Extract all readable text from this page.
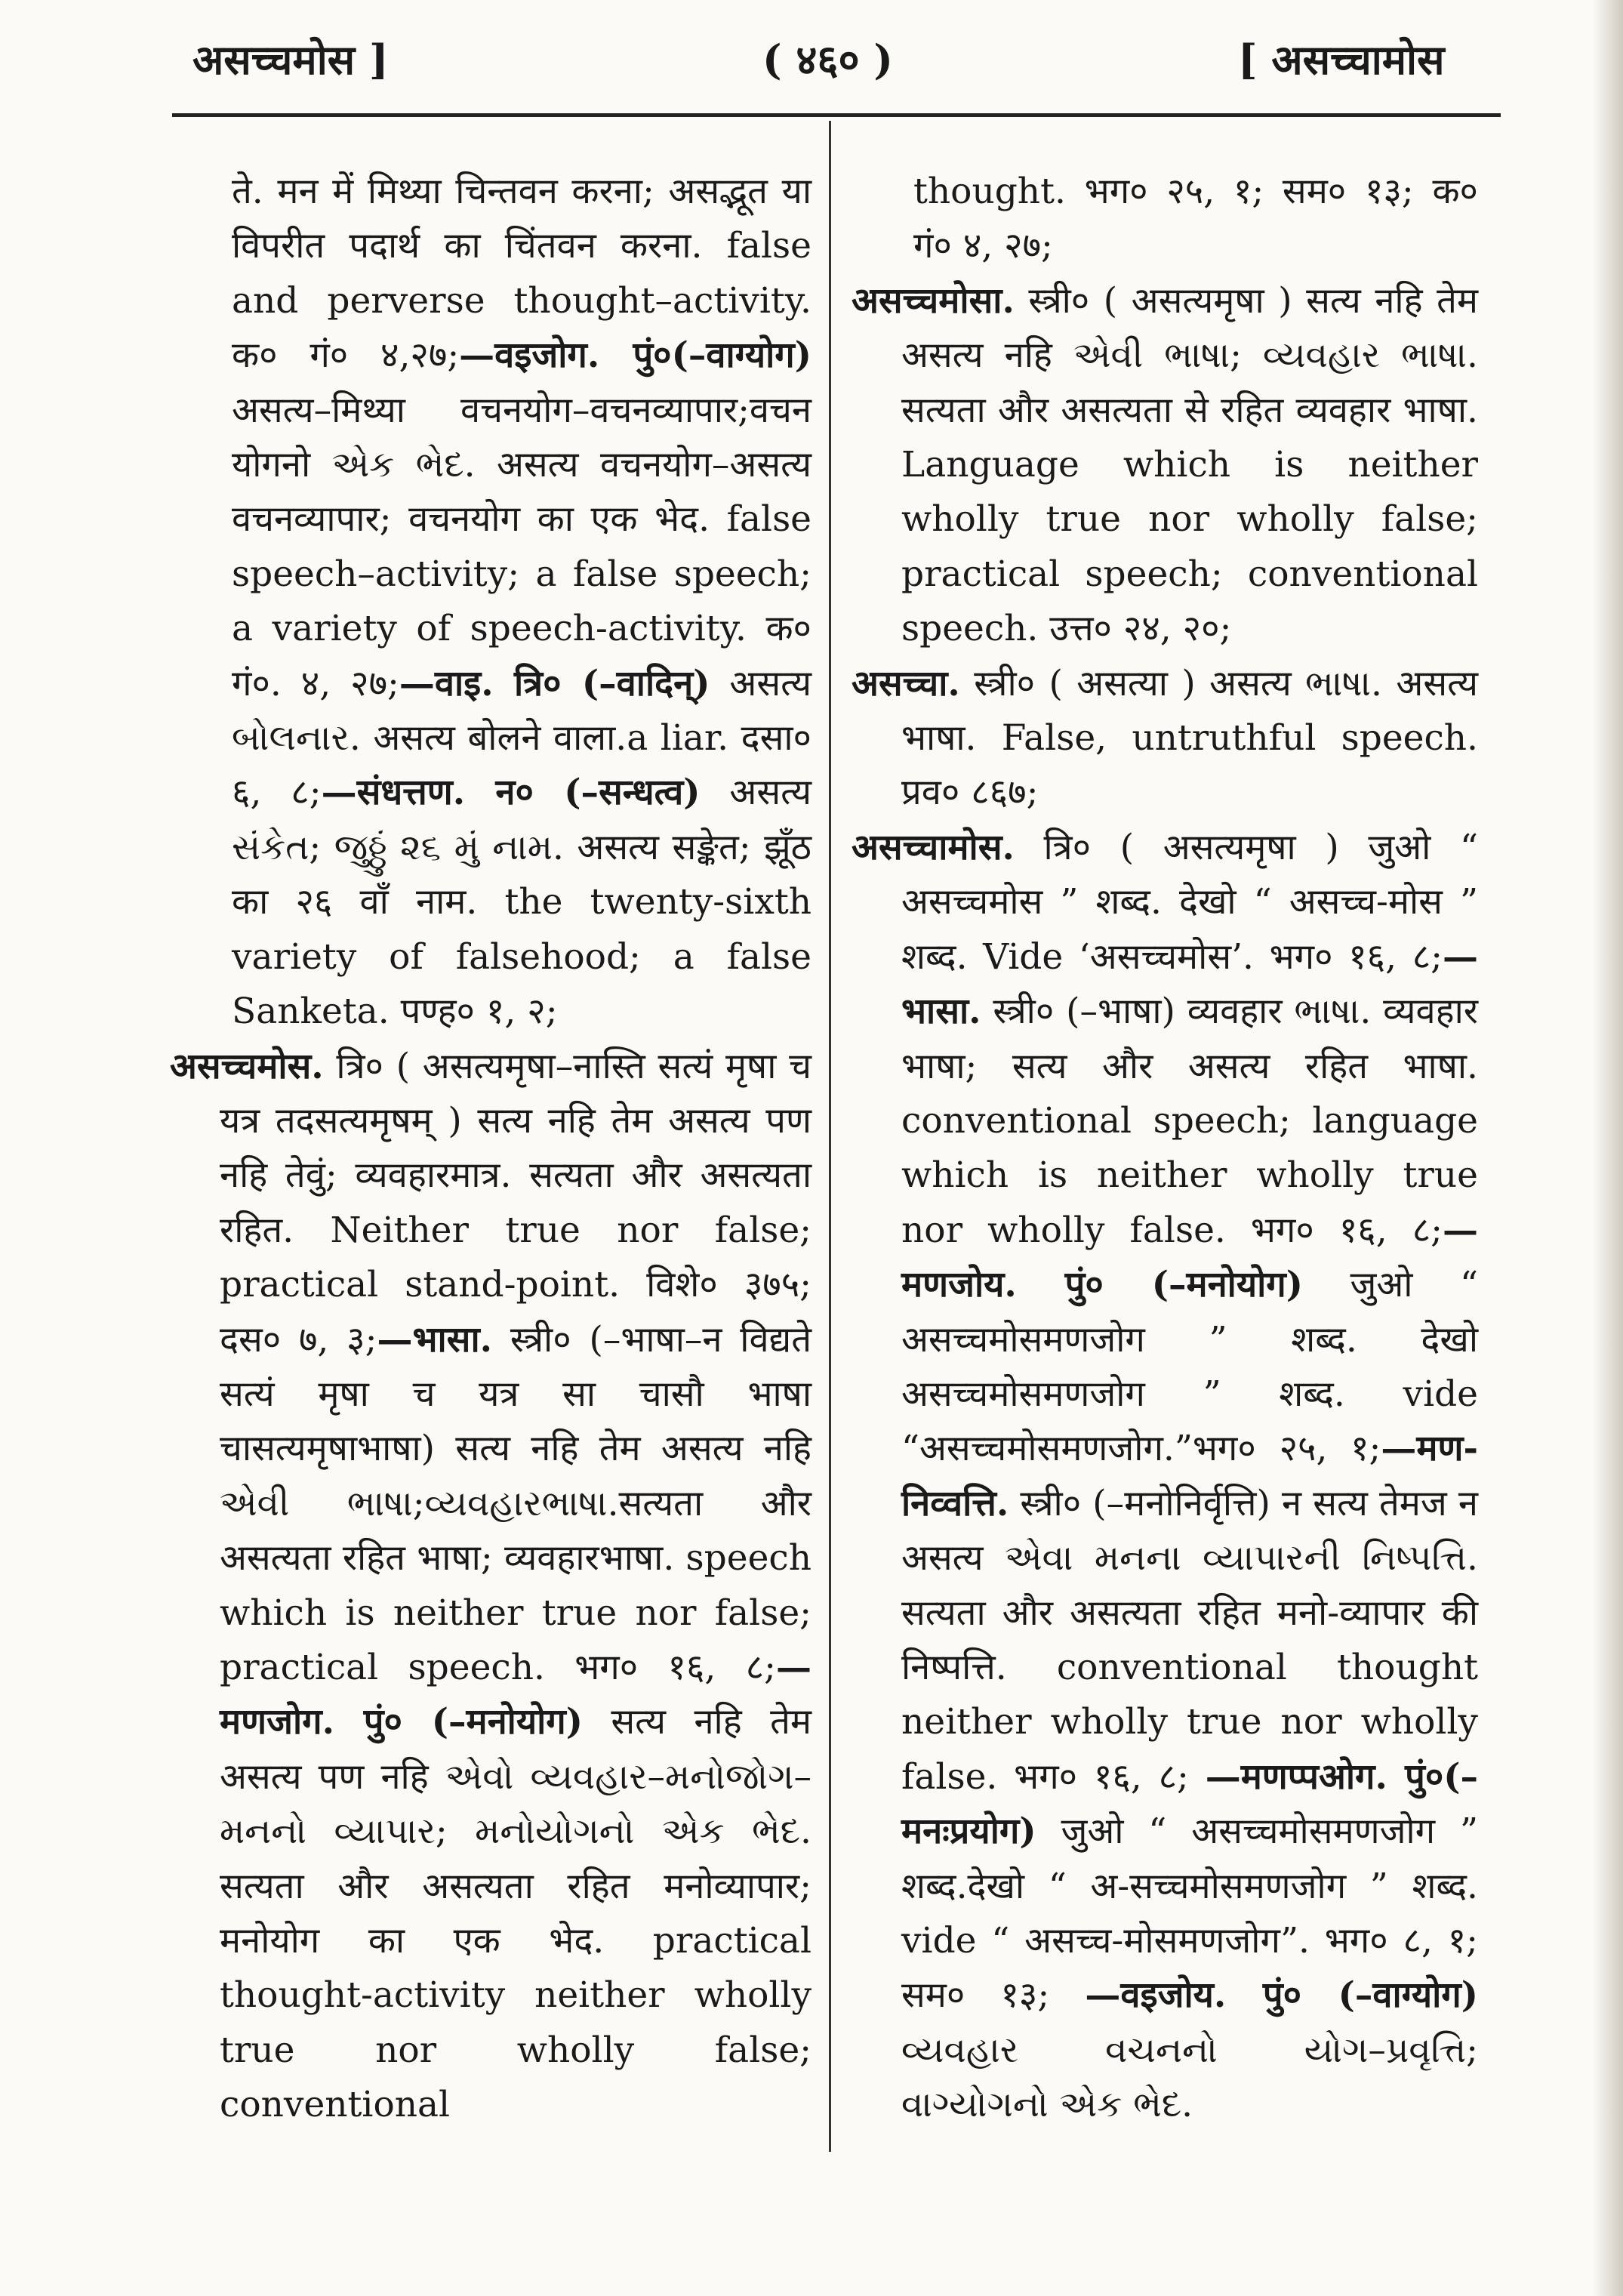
असच्चमोस ]	( ४६० )	[ असच्चामोस

ते. मन में मिथ्या चिन्तवन करना; असद्भूत या विपरीत पदार्थ का चिंतवन करना. false and perverse thought–activity. क० गं० ४,२७;—वइजोग. पुं०(–वाग्योग) असत्य–मिथ्या वचनयोग–वचनव्यापार;वचन योगनो એક ભેદ. असत्य वचनयोग–असत्य वचनव्यापार; वचनयोग का एक भेद. false speech–activity; a false speech; a variety of speech-activity. क० गं०. ४, २७;—वाइ. त्रि० (–वादिन्) असत्य બોલનાર. असत्य बोलने वाला.a liar. दसा० ६, ८;—संधत्तण. न० (–सन्धत्व) असत्य સંકેત; જુઠ્ઠું ૨૬ મું નામ. असत्य सङ्केत; झूँठ का २६ वाँ नाम. the twenty-sixth variety of falsehood; a false Sanketa. पण्ह० १, २;

असच्चमोस. त्रि० ( असत्यमृषा–नास्ति सत्यं मृषा च यत्र तदसत्यमृषम् ) सत्य नहि तेम असत्य पण नहि तेवुं; व्यवहारमात्र. सत्यता और असत्यता रहित. Neither true nor false; practical stand-point. विशे० ३७५; दस० ७, ३;—भासा. स्त्री० (–भाषा–न विद्यते सत्यं मृषा च यत्र सा चासौ भाषा चासत्यमृषाभाषा) सत्य नहि तेम असत्य नहि એવી ભાષા;વ્યવહારભાષા.सत्यता और असत्यता रहित भाषा; व्यवहारभाषा. speech which is neither true nor false; practical speech. भग० १६, ८;—मणजोग. पुं० (–मनोयोग) सत्य नहि तेम असत्य पण नहि એવો વ્યવહાર–મનોજોગ–મનનો વ્યાપાર; મનોયોગનો એક ભેદ. सत्यता और असत्यता रहित मनोव्यापार; मनोयोग का एक भेद. practical thought-activity neither wholly true nor wholly false; conventional

thought. भग० २५, १; सम० १३; क० गं० ४, २७;

असच्चमोसा. स्त्री० ( असत्यमृषा ) सत्य नहि तेम असत्य नहि એવી ભાષા; વ્યવહાર ભાષા. सत्यता और असत्यता से रहित व्यवहार भाषा. Language which is neither wholly true nor wholly false; practical speech; conventional speech. उत्त० २४, २०;

असच्चा. स्त्री० ( असत्या ) असत्य ભાષા. असत्य भाषा. False, untruthful speech. प्रव० ८६७;

असच्चामोस. त्रि० ( असत्यमृषा ) जुओ “ असच्चमोस ” शब्द. देखो “ असच्च-मोस ” शब्द. Vide ‘असच्चमोस’. भग० १६, ८;—भासा. स्त्री० (–भाषा) व्यवहार ભાષા. व्यवहार भाषा; सत्य और असत्य रहित भाषा. conventional speech; language which is neither wholly true nor wholly false. भग० १६, ८;—मणजोय. पुं० (–मनोयोग) जुओ “ असच्चमोसमणजोग ” शब्द. देखो असच्चमोसमणजोग ” शब्द. vide “असच्चमोसमणजोग.”भग० २५, १;—मण-निव्वत्ति. स्त्री० (–मनोनिर्वृत्ति) न सत्य तेमज न असत्य એવા મનના વ્યાપારની નિષ્પત્તિ. सत्यता और असत्यता रहित मनो-व्यापार की निष्पत्ति. conventional thought neither wholly true nor wholly false. भग० १६, ८; —मणप्पओग. पुं०(–मनःप्रयोग) जुओ “ असच्चमोसमणजोग ” शब्द.देखो “ अ-सच्चमोसमणजोग ” शब्द. vide “ असच्च-मोसमणजोग”. भग० ८, १; सम० १३; —वइजोय. पुं० (–वाग्योग) વ્યવહાર વચનનો યોગ–પ્રવૃત્તિ; વાગ્યોગનો એક ભેદ.
